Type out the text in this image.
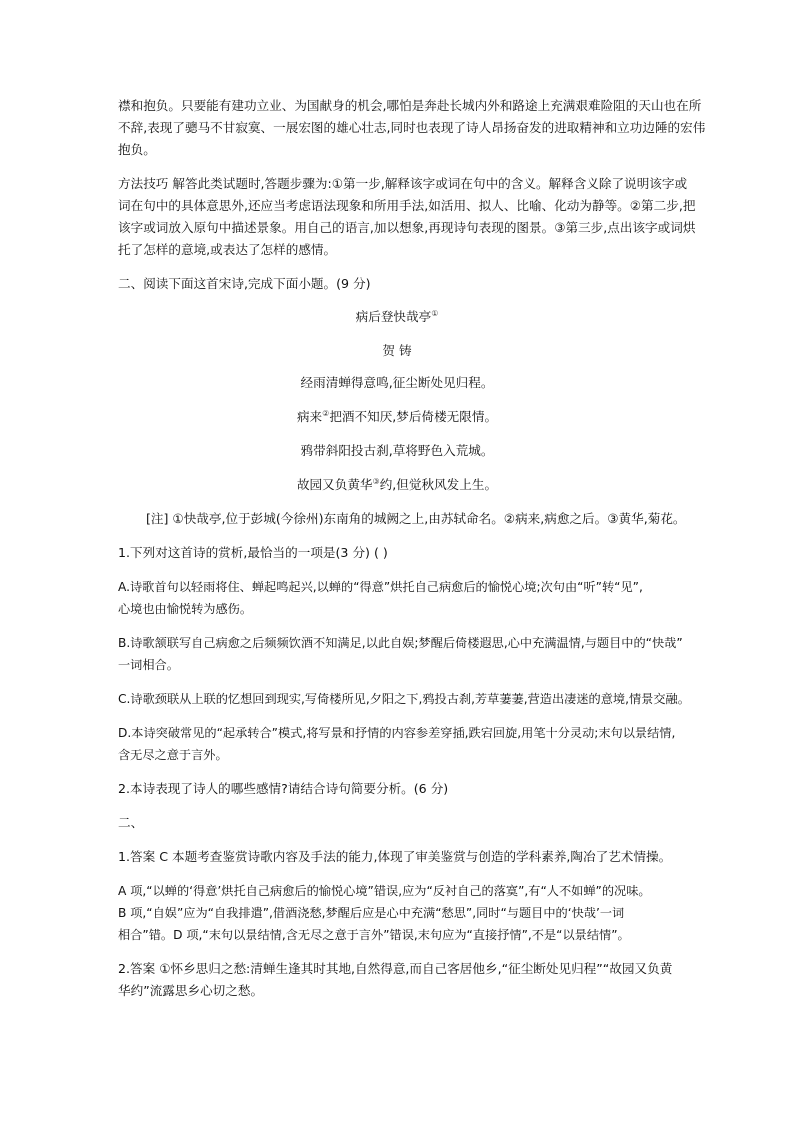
襟和抱负。只要能有建功立业、为国献身的机会,哪怕是奔赴长城内外和路途上充满艰难险阻的天山也在所

不辞,表现了骢马不甘寂寞、一展宏图的雄心壮志,同时也表现了诗人昂扬奋发的进取精神和立功边陲的宏伟

抱负。

方法技巧 解答此类试题时,答题步骤为:①第一步,解释该字或词在句中的含义。解释含义除了说明该字或

词在句中的具体意思外,还应当考虑语法现象和所用手法,如活用、拟人、比喻、化动为静等。②第二步,把

该字或词放入原句中描述景象。用自己的语言,加以想象,再现诗句表现的图景。③第三步,点出该字或词烘

托了怎样的意境,或表达了怎样的感情。

二、阅读下面这首宋诗,完成下面小题。(9 分)

病后登快哉亭①

贺 铸

经雨清蝉得意鸣,征尘断处见归程。

病来②把酒不知厌,梦后倚楼无限情。

鸦带斜阳投古刹,草将野色入荒城。

故园又负黄华③约,但觉秋风发上生。

[注] ①快哉亭,位于彭城(今徐州)东南角的城阙之上,由苏轼命名。②病来,病愈之后。③黄华,菊花。

1.下列对这首诗的赏析,最恰当的一项是(3 分) ( )

A.诗歌首句以轻雨将住、蝉起鸣起兴,以蝉的“得意”烘托自己病愈后的愉悦心境;次句由“听”转“见”,

心境也由愉悦转为感伤。

B.诗歌颔联写自己病愈之后频频饮酒不知满足,以此自娱;梦醒后倚楼遐思,心中充满温情,与题目中的“快哉”

一词相合。

C.诗歌颈联从上联的忆想回到现实,写倚楼所见,夕阳之下,鸦投古刹,芳草萋萋,营造出凄迷的意境,情景交融。

D.本诗突破常见的“起承转合”模式,将写景和抒情的内容参差穿插,跌宕回旋,用笔十分灵动;末句以景结情,

含无尽之意于言外。

2.本诗表现了诗人的哪些感情?请结合诗句简要分析。(6 分)

二、

1.答案 C 本题考查鉴赏诗歌内容及手法的能力,体现了审美鉴赏与创造的学科素养,陶冶了艺术情操。

A 项,“以蝉的‘得意’烘托自己病愈后的愉悦心境”错误,应为“反衬自己的落寞”,有“人不如蝉”的况味。

B 项,“自娱”应为“自我排遣”,借酒浇愁,梦醒后应是心中充满“愁思”,同时“与题目中的‘快哉’一词

相合”错。D 项,“末句以景结情,含无尽之意于言外”错误,末句应为“直接抒情”,不是“以景结情”。

2.答案 ①怀乡思归之愁:清蝉生逢其时其地,自然得意,而自己客居他乡,“征尘断处见归程”“故园又负黄

华约”流露思乡心切之愁。
